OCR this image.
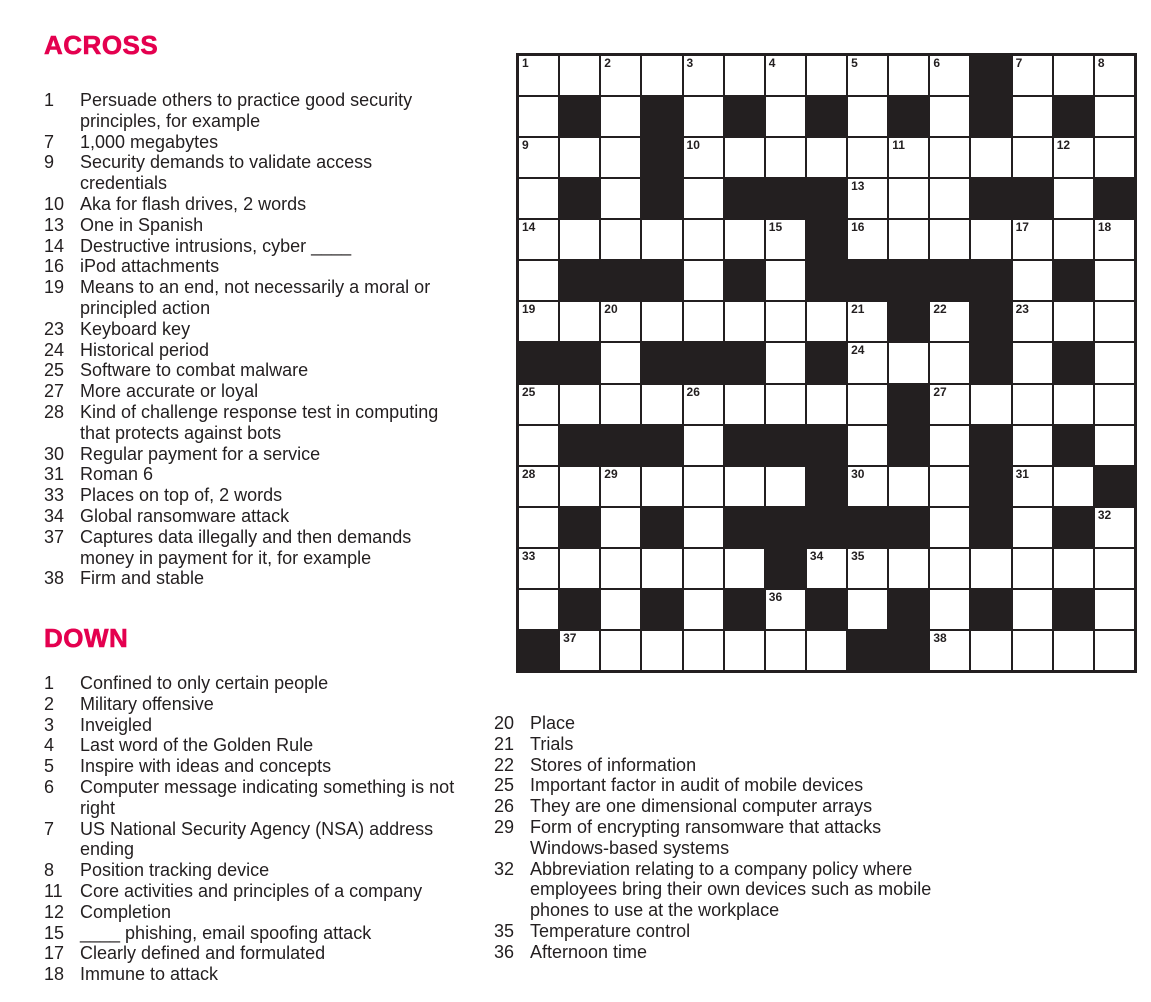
ACROSS
1	Persuade others to practice good security principles, for example
7	1,000 megabytes
9	Security demands to validate access credentials
10 Aka for flash drives, 2 words
13 One in Spanish
14 Destructive intrusions, cyber ____
16 iPod attachments
19 Means to an end, not necessarily a moral or principled action
23 Keyboard key
24 Historical period
25 Software to combat malware
27 More accurate or loyal
28 Kind of challenge response test in computing that protects against bots
30 Regular payment for a service
31 Roman 6
33 Places on top of, 2 words
34 Global ransomware attack
37 Captures data illegally and then demands money in payment for it, for example
38 Firm and stable
DOWN
1	Confined to only certain people
2	Military offensive
3	Inveigled
4	Last word of the Golden Rule
5	Inspire with ideas and concepts
6	Computer message indicating something is not right
7	US National Security Agency (NSA) address ending
8	Position tracking device
11 Core activities and principles of a company
12 Completion
15 ____ phishing, email spoofing attack
17 Clearly defined and formulated
18 Immune to attack
20 Place
21 Trials
22 Stores of information
25 Important factor in audit of mobile devices
26 They are one dimensional computer arrays
29 Form of encrypting ransomware that attacks Windows-based systems
32 Abbreviation relating to a company policy where employees bring their own devices such as mobile phones to use at the workplace
35 Temperature control
36 Afternoon time
1	2	3	4	5	6	7	8
9	10	11	12
13
14	15	16	17	18
19	20	21	22	23
24
25	26	27
28	29	30	31
32
33	34 35
36
37	38
